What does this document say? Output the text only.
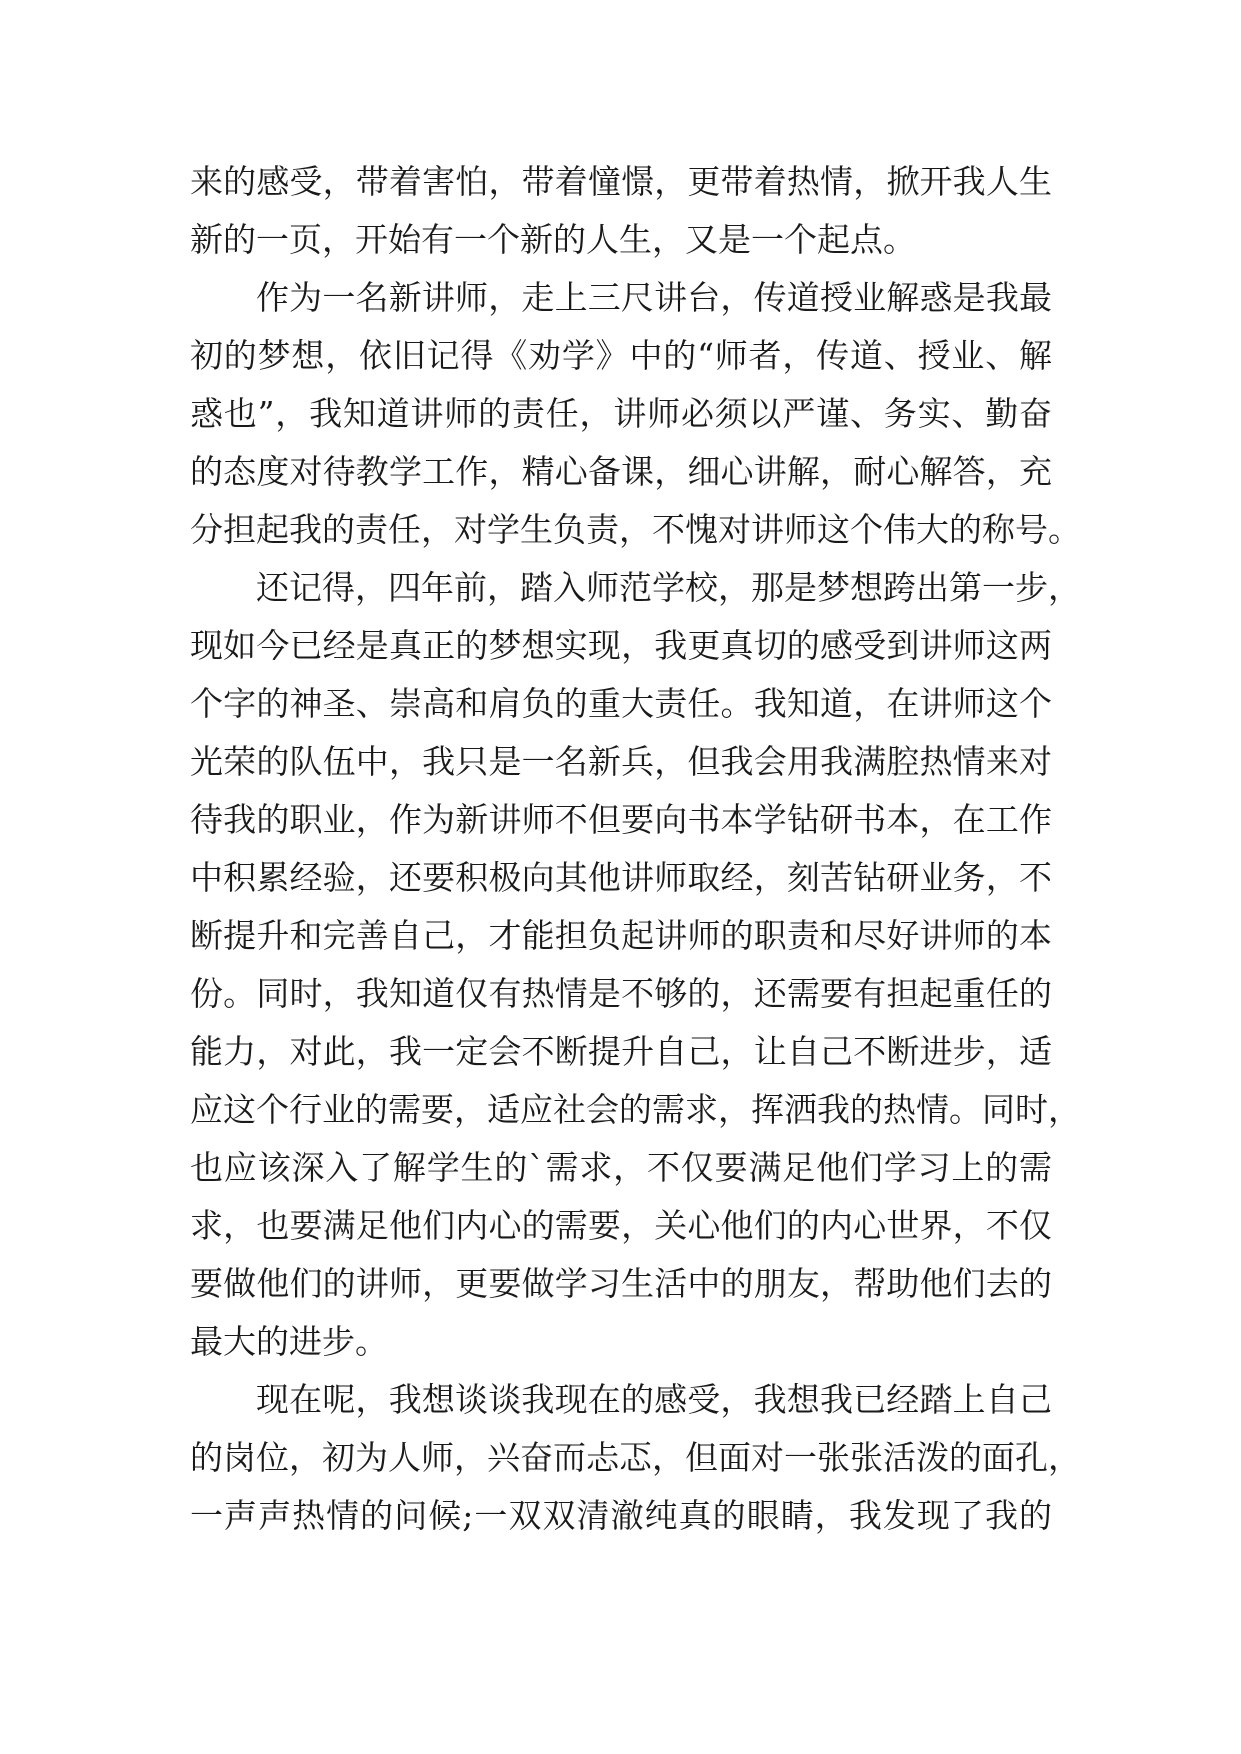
来的感受，带着害怕，带着憧憬，更带着热情，掀开我人生
新的一页，开始有一个新的人生，又是一个起点。
作为一名新讲师，走上三尺讲台，传道授业解惑是我最
初的梦想，依旧记得《劝学》中的“师者，传道、授业、解
惑也”，我知道讲师的责任，讲师必须以严谨、务实、勤奋
的态度对待教学工作，精心备课，细心讲解，耐心解答，充
分担起我的责任，对学生负责，不愧对讲师这个伟大的称号。
还记得，四年前，踏入师范学校，那是梦想跨出第一步，
现如今已经是真正的梦想实现，我更真切的感受到讲师这两
个字的神圣、崇高和肩负的重大责任。我知道，在讲师这个
光荣的队伍中，我只是一名新兵，但我会用我满腔热情来对
待我的职业，作为新讲师不但要向书本学钻研书本，在工作
中积累经验，还要积极向其他讲师取经，刻苦钻研业务，不
断提升和完善自己，才能担负起讲师的职责和尽好讲师的本
份。同时，我知道仅有热情是不够的，还需要有担起重任的
能力，对此，我一定会不断提升自己，让自己不断进步，适
应这个行业的需要，适应社会的需求，挥洒我的热情。同时，
也应该深入了解学生的`需求，不仅要满足他们学习上的需
求，也要满足他们内心的需要，关心他们的内心世界，不仅
要做他们的讲师，更要做学习生活中的朋友，帮助他们去的
最大的进步。
现在呢，我想谈谈我现在的感受，我想我已经踏上自己
的岗位，初为人师，兴奋而忐忑，但面对一张张活泼的面孔，
一声声热情的问候;一双双清澈纯真的眼睛，我发现了我的
